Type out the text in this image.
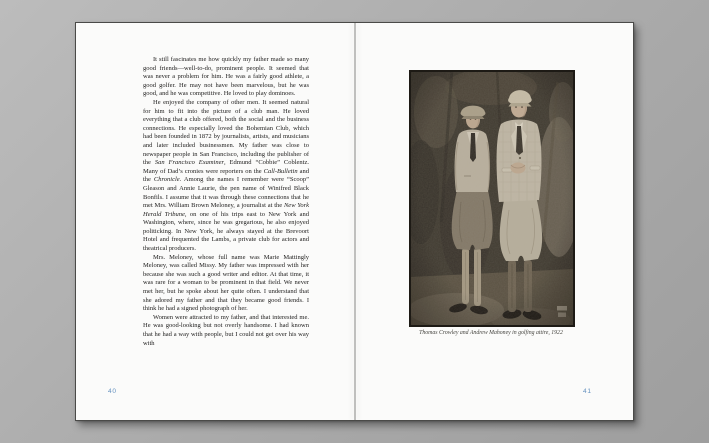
It still fascinates me how quickly my father made so many good friends—well-to-do, prominent people. It seemed that was never a problem for him. He was a fairly good athlete, a good golfer. He may not have been marvelous, but he was good, and he was competitive. He loved to play dominoes.

He enjoyed the company of other men. It seemed natural for him to fit into the picture of a club man. He loved everything that a club offered, both the social and the business connections. He especially loved the Bohemian Club, which had been founded in 1872 by journalists, artists, and musicians and later included businessmen. My father was close to newspaper people in San Francisco, including the publisher of the San Francisco Examiner, Edmund “Cobbie” Coblentz. Many of Dad’s cronies were reporters on the Call-Bulletin and the Chronicle. Among the names I remember were “Scoop” Gleason and Annie Laurie, the pen name of Winifred Black Bonfils. I assume that it was through these connections that he met Mrs. William Brown Meloney, a journalist at the New York Herald Tribune, on one of his trips east to New York and Washington, where, since he was gregarious, he also enjoyed politicking. In New York, he always stayed at the Brevoort Hotel and frequented the Lambs, a private club for actors and theatrical producers.

Mrs. Meloney, whose full name was Marie Mattingly Meloney, was called Missy. My father was impressed with her because she was such a good writer and editor. At that time, it was rare for a woman to be prominent in that field. We never met her, but he spoke about her quite often. I understand that she adored my father and that they became good friends. I think he had a signed photograph of her.

Women were attracted to my father, and that interested me. He was good-looking but not overly handsome. I had known that he had a way with people, but I could not get over his way with

40
Thomas Crowley and Andrew Mahoney in golfing attire, 1922
41
